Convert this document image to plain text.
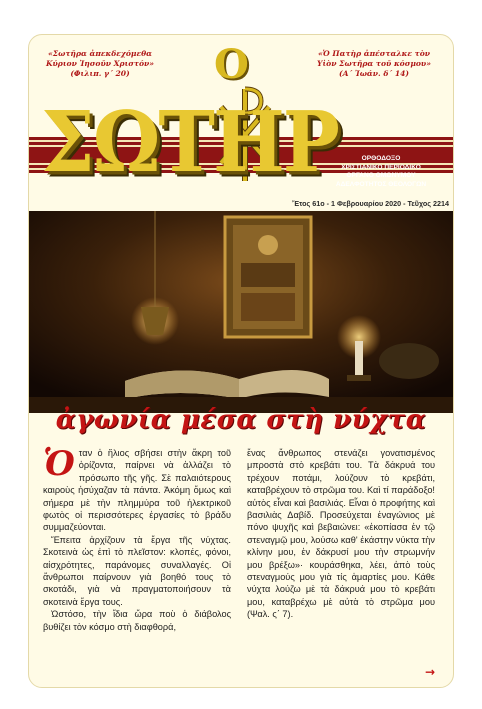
«Σωτῆρα ἀπεκδεχόμεθα Κύριον Ἰησοῦν Χριστόν» (Φιλιπ. γ΄ 20)
«Ὁ Πατὴρ ἀπέσταλκε τὸν Υἱὸν Σωτῆρα τοῦ κόσμου» (Α΄ Ἰωάν. δ΄ 14)
Ο
ΣΩΤΗΡ	ΟΡΘΟΔΟΞΟ
ΧΡΙΣΤΙΑΝΙΚΟ ΠΕΡΙΟΔΙΚΟ
ΟΡΓΑΝΟ ΟΜΩΝΥΜΟΥ
ΑΔΕΛΦΟΤΗΤΟΣ ΘΕΟΛΟΓΩΝ
Ἔτος 61ο - 1 Φεβρουαρίου 2020 - Τεῦχος 2214
ἀγωνία μέσα στὴ νύχτα

Ὁταν ὁ ἥλιος σβήσει στὴν ἄκρη τοῦ ὁρίζοντα, παίρνει νὰ ἀλλάζει τὸ πρόσωπο τῆς γῆς. Σὲ παλαιότερους καιροὺς ἡσύχαζαν τὰ πάντα. Ἀκόμη ὅμως καὶ σήμερα μὲ τὴν πλημμύρα τοῦ ἠλεκτρικοῦ φωτὸς οἱ περισσότερες ἐργασίες τὸ βράδυ συμμαζεύονται.

Ἔπειτα ἀρχίζουν τὰ ἔργα τῆς νύχτας. Σκοτεινὰ ὡς ἐπὶ τὸ πλεῖστον: κλοπές, φόνοι, αἰσχρότητες, παράνομες συναλλαγές. Οἱ ἄνθρωποι παίρνουν γιὰ βοηθό τους τὸ σκοτάδι, γιὰ νὰ πραγματοποιήσουν τὰ σκοτεινὰ ἔργα τους.

Ὡστόσο, τὴν ἴδια ὥρα ποὺ ὁ διάβολος βυθίζει τὸν κόσμο στὴ διαφθορά,

ἕνας ἄνθρωπος στενάζει γονατισμένος μπροστὰ στὸ κρεβάτι του. Τὰ δάκρυά του τρέχουν ποτάμι, λούζουν τὸ κρεβάτι, καταβρέχουν τὸ στρῶμα του. Καὶ τί παράδοξο! αὐτὸς εἶναι καὶ βασιλιάς. Εἶναι ὁ προφήτης καὶ βασιλιὰς Δαβίδ. Προσεύχεται ἐναγώνιος μὲ πόνο ψυχῆς καὶ βεβαιώνει: «ἐκοπίασα ἐν τῷ στεναγμῷ μου, λούσω καθ' ἑκάστην νύκτα τὴν κλίνην μου, ἐν δάκρυσί μου τὴν στρωμνήν μου βρέξω»· κουράσθηκα, λέει, ἀπὸ τοὺς στεναγμούς μου γιὰ τίς ἁμαρτίες μου. Κάθε νύχτα λούζω μὲ τὰ δάκρυά μου τὸ κρεβάτι μου, καταβρέχω μὲ αὐτὰ τὸ στρῶμα μου (Ψαλ. ς΄ 7).

→
